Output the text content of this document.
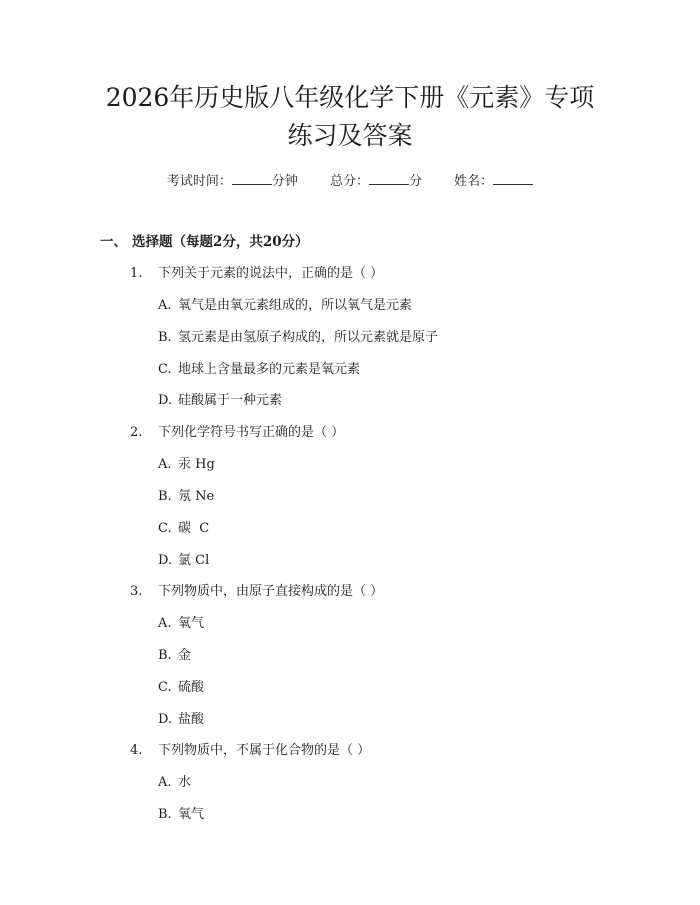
2026年历史版八年级化学下册《元素》专项
练习及答案
考试时间：	分钟 总分：	分 姓名：
一、 选择题（每题2分，共20分）
1. 下列关于元素的说法中，正确的是（ ）
A. 氧气是由氧元素组成的，所以氧气是元素
B. 氢元素是由氢原子构成的，所以元素就是原子
C. 地球上含量最多的元素是氧元素
D. 硅酸属于一种元素
2. 下列化学符号书写正确的是（ ）
A. 汞 Hg
B. 氖 Ne
C. 碳  C
D. 氯 Cl
3. 下列物质中，由原子直接构成的是（ ）
A. 氧气
B. 金
C. 硫酸
D. 盐酸
4. 下列物质中，不属于化合物的是（ ）
A. 水
B. 氧气
